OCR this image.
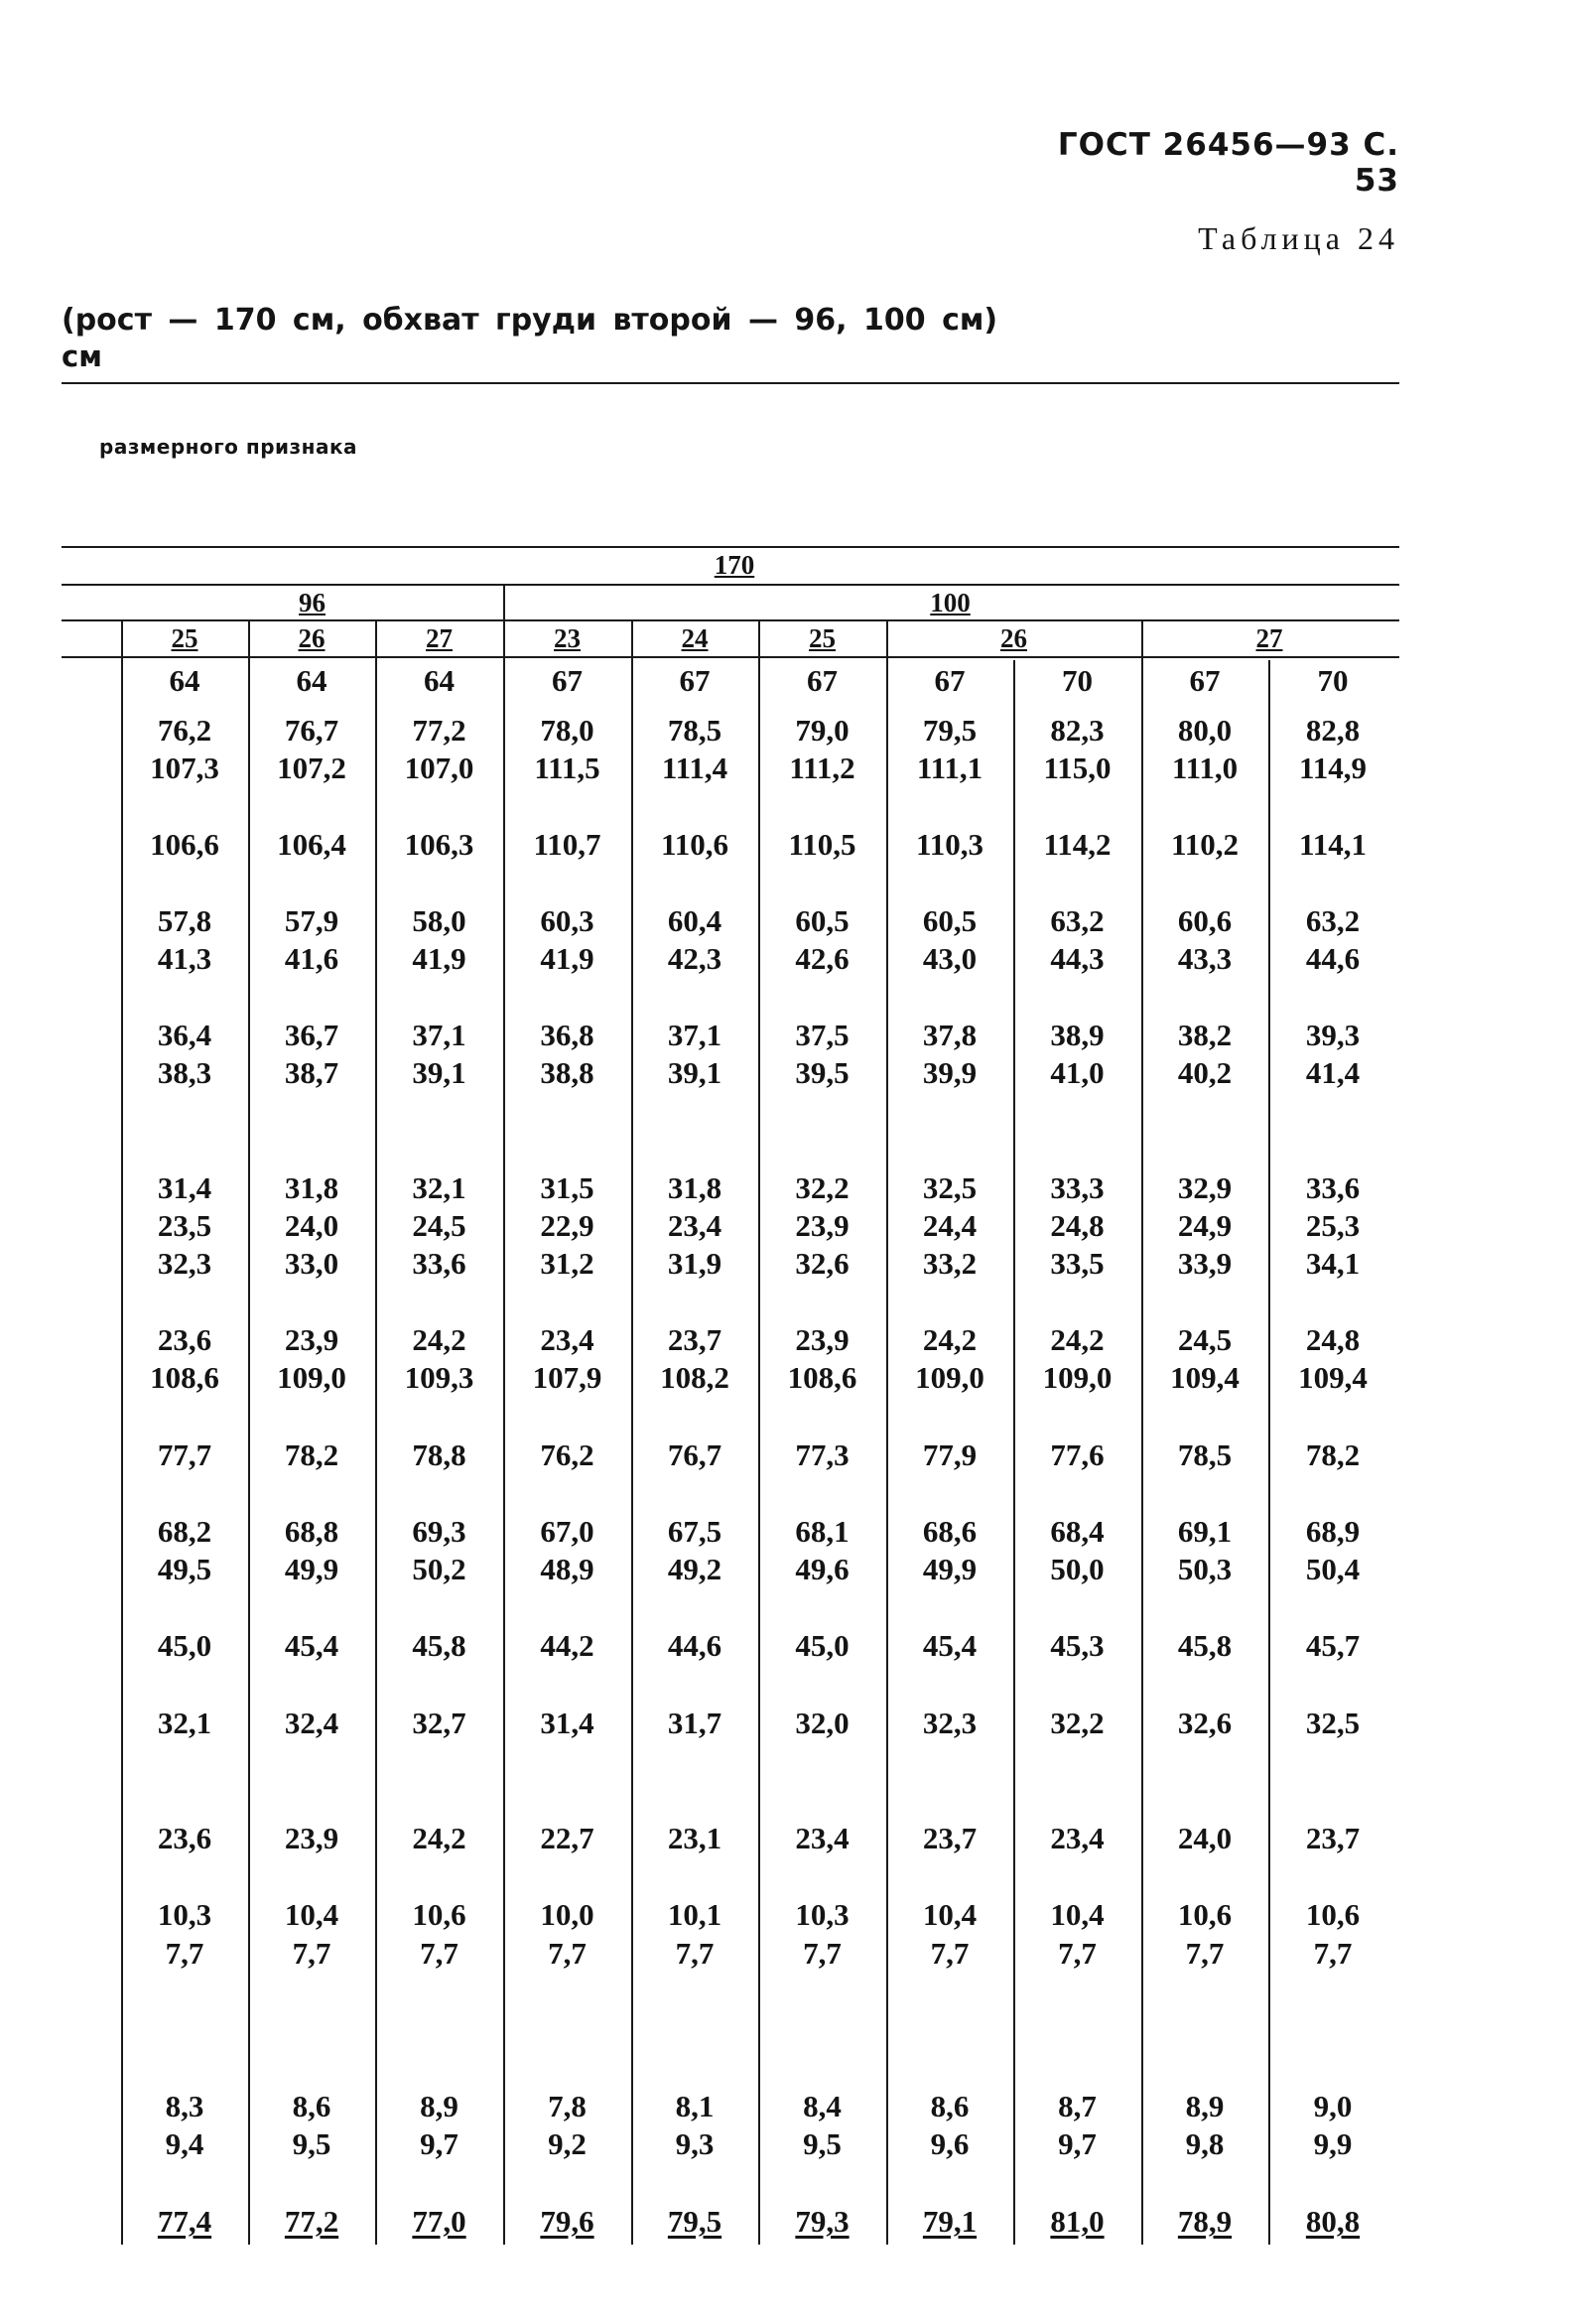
ГОСТ 26456—93 С. 53
Таблица 24
(рост — 170 см, обхват груди второй — 96, 100 см)
см
размерного признака
170
96	100
25	26	27	23	24	25	26	27
64	64	64	67	67	67	67	70	67	70
76,2	76,7	77,2	78,0	78,5	79,0	79,5	82,3	80,0	82,8
107,3	107,2	107,0	111,5	111,4	111,2	111,1	115,0	111,0	114,9
106,6	106,4	106,3	110,7	110,6	110,5	110,3	114,2	110,2	114,1
57,8	57,9	58,0	60,3	60,4	60,5	60,5	63,2	60,6	63,2
41,3	41,6	41,9	41,9	42,3	42,6	43,0	44,3	43,3	44,6
36,4	36,7	37,1	36,8	37,1	37,5	37,8	38,9	38,2	39,3
38,3	38,7	39,1	38,8	39,1	39,5	39,9	41,0	40,2	41,4
31,4	31,8	32,1	31,5	31,8	32,2	32,5	33,3	32,9	33,6
23,5	24,0	24,5	22,9	23,4	23,9	24,4	24,8	24,9	25,3
32,3	33,0	33,6	31,2	31,9	32,6	33,2	33,5	33,9	34,1
23,6	23,9	24,2	23,4	23,7	23,9	24,2	24,2	24,5	24,8
108,6	109,0	109,3	107,9	108,2	108,6	109,0	109,0	109,4	109,4
77,7	78,2	78,8	76,2	76,7	77,3	77,9	77,6	78,5	78,2
68,2	68,8	69,3	67,0	67,5	68,1	68,6	68,4	69,1	68,9
49,5	49,9	50,2	48,9	49,2	49,6	49,9	50,0	50,3	50,4
45,0	45,4	45,8	44,2	44,6	45,0	45,4	45,3	45,8	45,7
32,1	32,4	32,7	31,4	31,7	32,0	32,3	32,2	32,6	32,5
23,6	23,9	24,2	22,7	23,1	23,4	23,7	23,4	24,0	23,7
10,3	10,4	10,6	10,0	10,1	10,3	10,4	10,4	10,6	10,6
7,7	7,7	7,7	7,7	7,7	7,7	7,7	7,7	7,7	7,7
8,3	8,6	8,9	7,8	8,1	8,4	8,6	8,7	8,9	9,0
9,4	9,5	9,7	9,2	9,3	9,5	9,6	9,7	9,8	9,9
77,4	77,2	77,0	79,6	79,5	79,3	79,1	81,0	78,9	80,8
